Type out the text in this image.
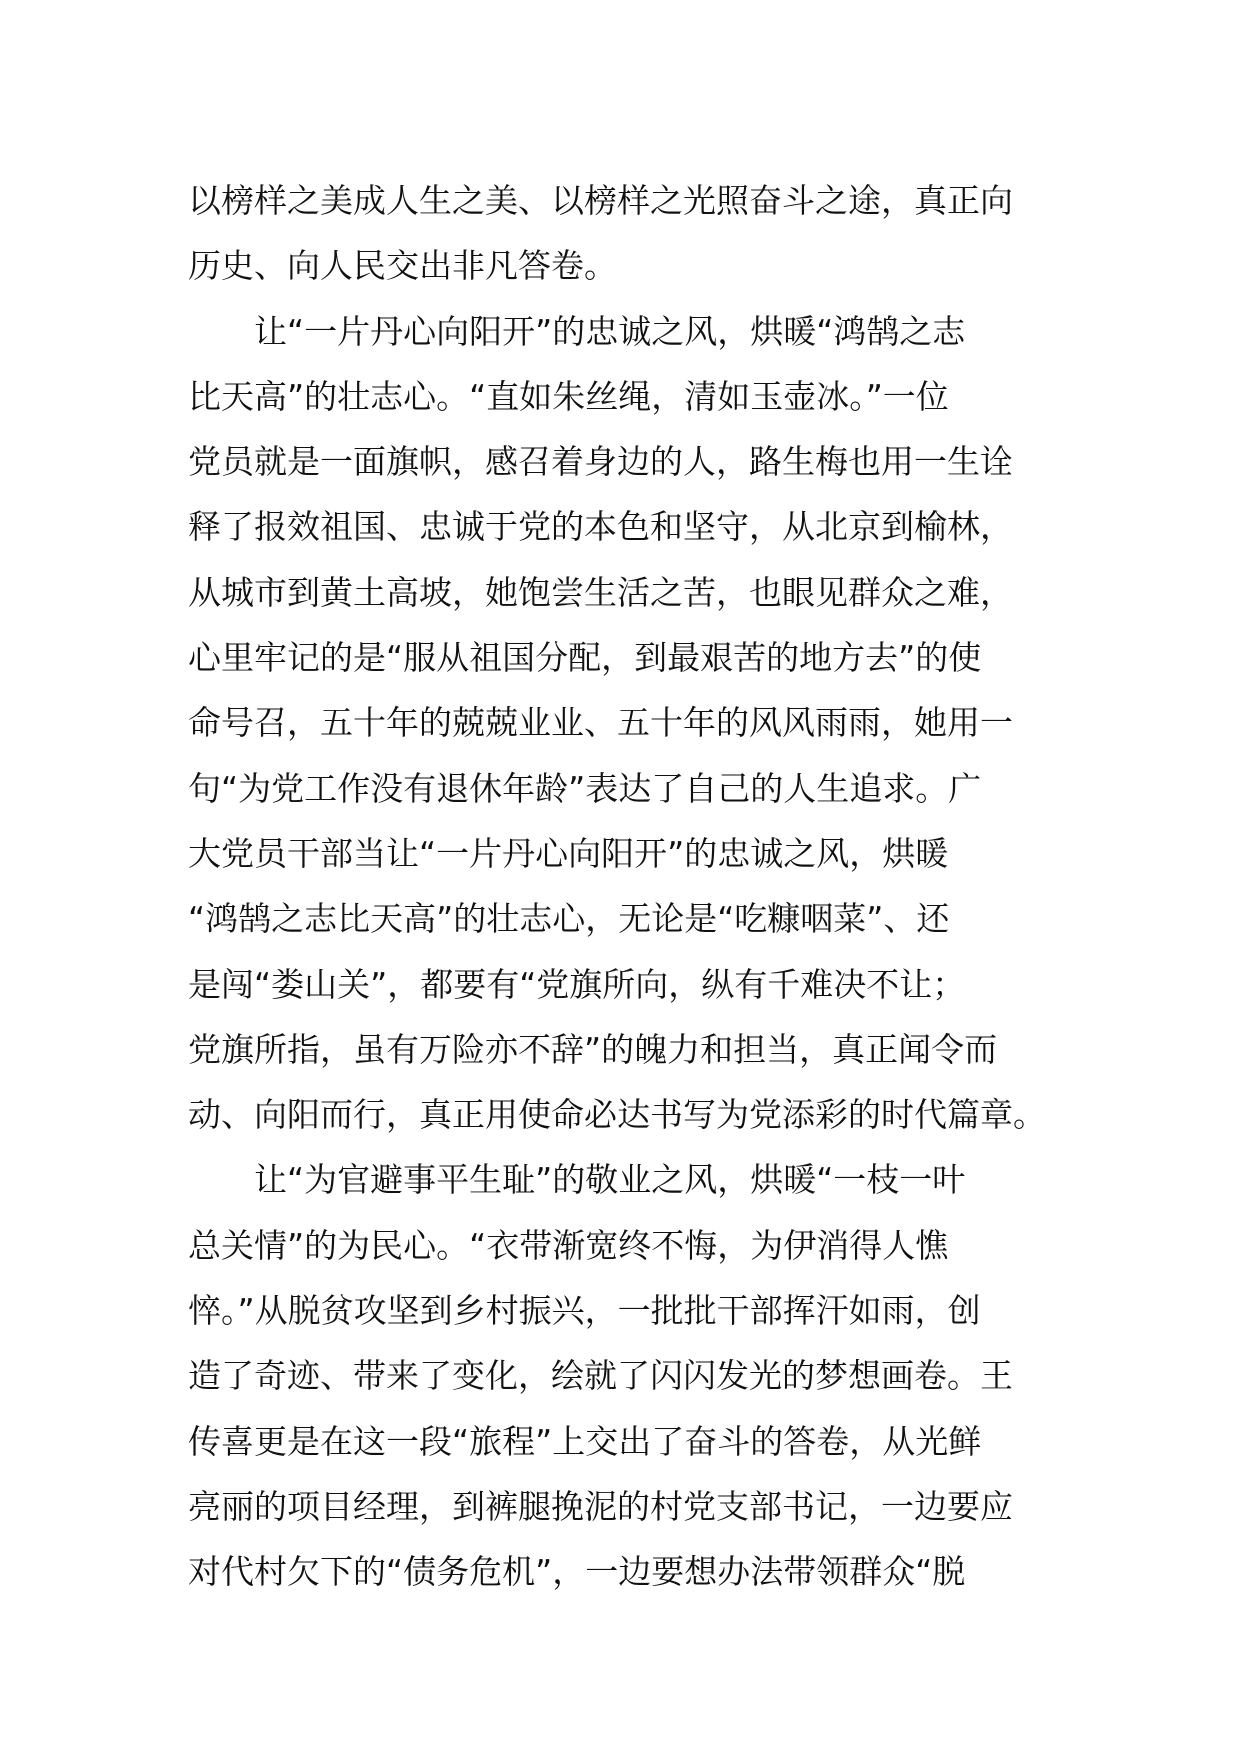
以榜样之美成人生之美、以榜样之光照奋斗之途，真正向
历史、向人民交出非凡答卷。
让“一片丹心向阳开”的忠诚之风，烘暖“鸿鹄之志
比天高”的壮志心。“直如朱丝绳，清如玉壶冰。”一位
党员就是一面旗帜，感召着身边的人，路生梅也用一生诠
释了报效祖国、忠诚于党的本色和坚守，从北京到榆林，
从城市到黄土高坡，她饱尝生活之苦，也眼见群众之难，
心里牢记的是“服从祖国分配，到最艰苦的地方去”的使
命号召，五十年的兢兢业业、五十年的风风雨雨，她用一
句“为党工作没有退休年龄”表达了自己的人生追求。广
大党员干部当让“一片丹心向阳开”的忠诚之风，烘暖
“鸿鹄之志比天高”的壮志心，无论是“吃糠咽菜”、还
是闯“娄山关”，都要有“党旗所向，纵有千难决不让；
党旗所指，虽有万险亦不辞”的魄力和担当，真正闻令而
动、向阳而行，真正用使命必达书写为党添彩的时代篇章。
让“为官避事平生耻”的敬业之风，烘暖“一枝一叶
总关情”的为民心。“衣带渐宽终不悔，为伊消得人憔
悴。”从脱贫攻坚到乡村振兴，一批批干部挥汗如雨，创
造了奇迹、带来了变化，绘就了闪闪发光的梦想画卷。王
传喜更是在这一段“旅程”上交出了奋斗的答卷，从光鲜
亮丽的项目经理，到裤腿挽泥的村党支部书记，一边要应
对代村欠下的“债务危机”，一边要想办法带领群众“脱
